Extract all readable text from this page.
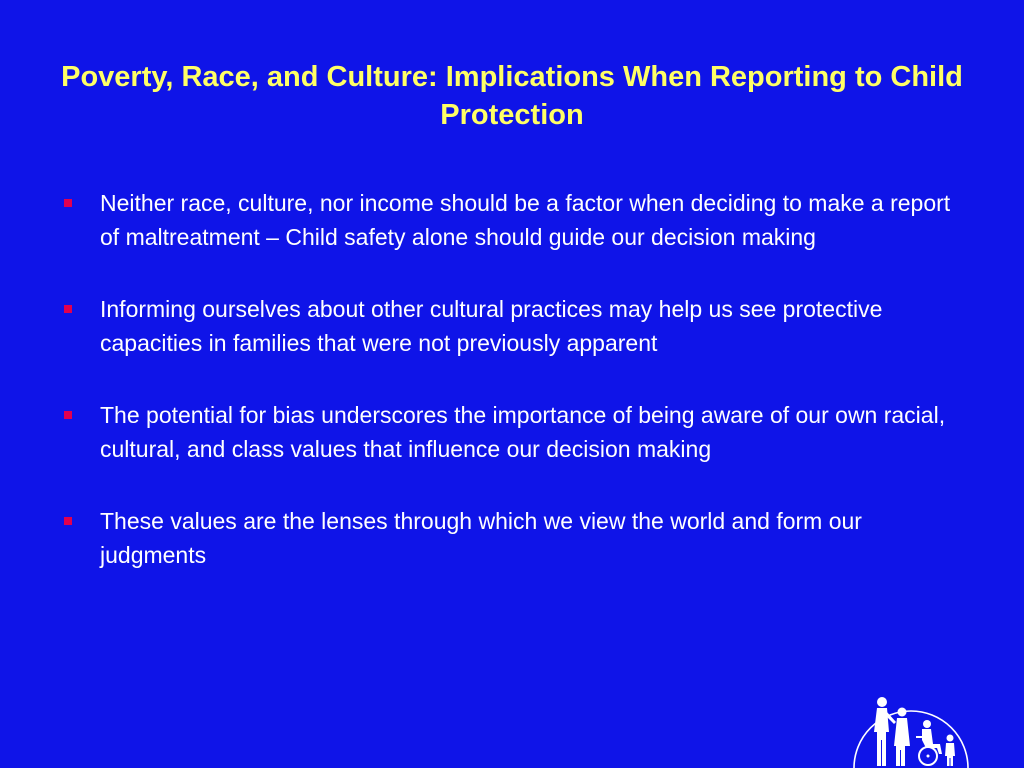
Poverty, Race, and Culture: Implications When Reporting to Child Protection
Neither race, culture, nor income should be a factor when deciding to make a report of maltreatment – Child safety alone should guide our decision making
Informing ourselves about other cultural practices may help us see protective capacities in families that were not previously apparent
The potential for bias underscores the importance of being aware of our own racial, cultural, and class values that influence our decision making
These values are the lenses through which we view the world and form our judgments
